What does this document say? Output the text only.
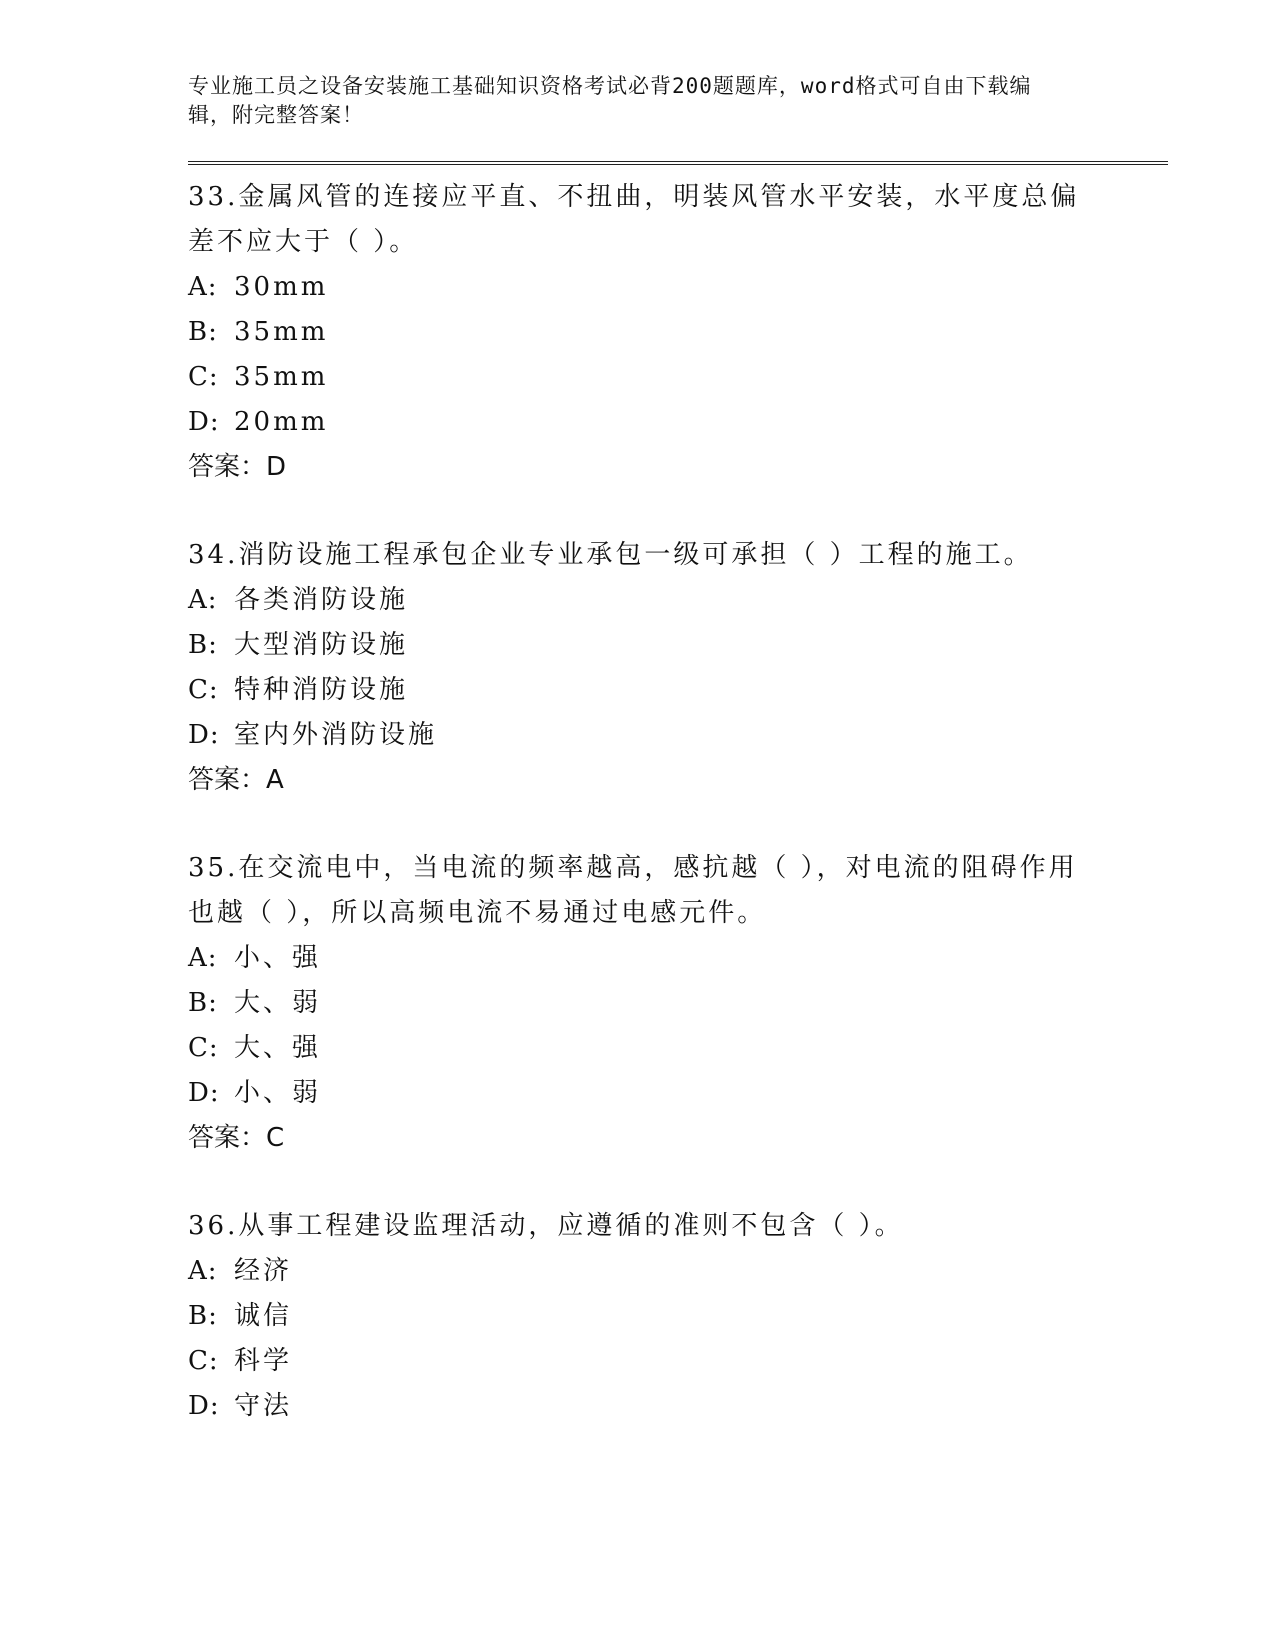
专业施工员之设备安装施工基础知识资格考试必背200题题库，word格式可自由下载编辑，附完整答案！

33.金属风管的连接应平直、不扭曲，明装风管水平安装，水平度总偏差不应大于（ ）。

A: 30mm

B: 35mm

C: 35mm

D: 20mm

答案：D

34.消防设施工程承包企业专业承包一级可承担（ ）工程的施工。

A: 各类消防设施

B: 大型消防设施

C: 特种消防设施

D: 室内外消防设施

答案：A

35.在交流电中，当电流的频率越高，感抗越（ ），对电流的阻碍作用也越（ ），所以高频电流不易通过电感元件。

A: 小、强

B: 大、弱

C: 大、强

D: 小、弱

答案：C

36.从事工程建设监理活动，应遵循的准则不包含（ ）。

A: 经济

B: 诚信

C: 科学

D: 守法
